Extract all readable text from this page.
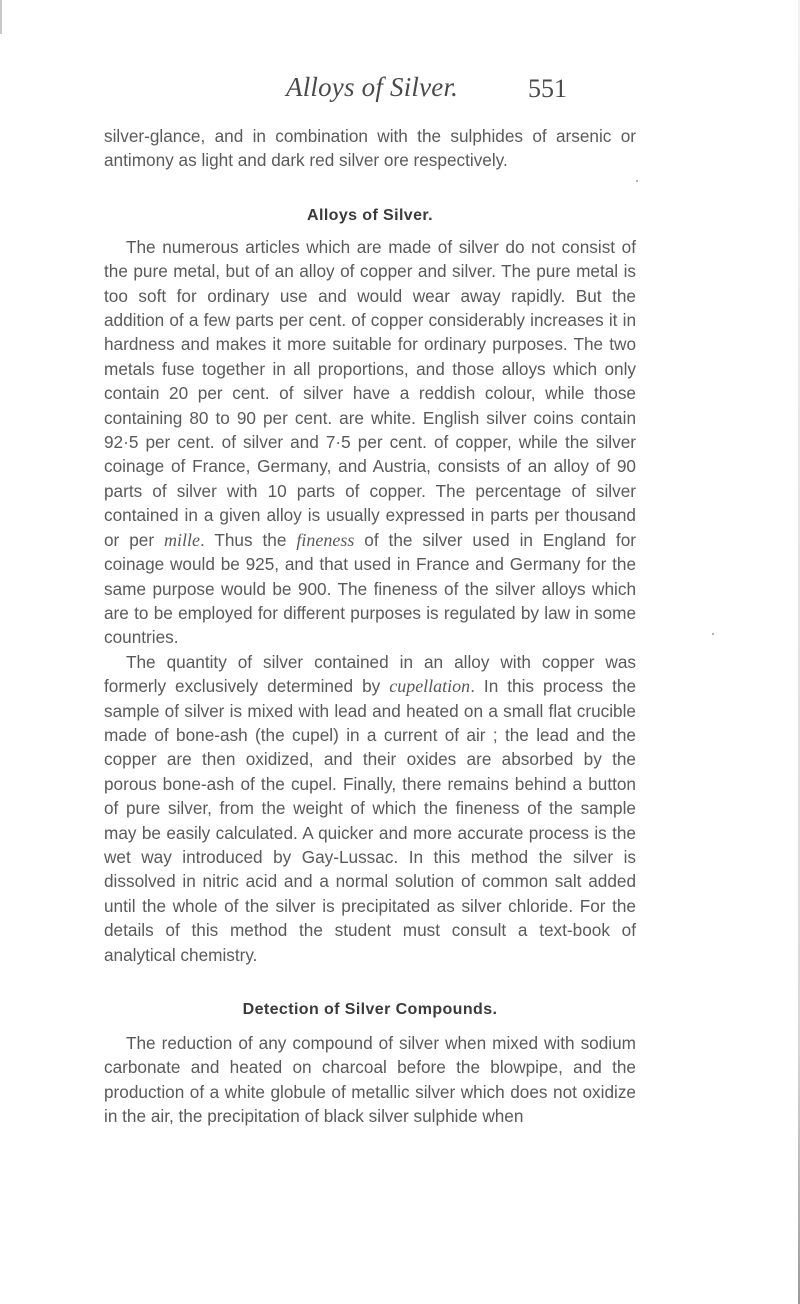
Alloys of Silver.	551

silver-glance, and in combination with the sulphides of arsenic or antimony as light and dark red silver ore respectively.

Alloys of Silver.

The numerous articles which are made of silver do not consist of the pure metal, but of an alloy of copper and silver. The pure metal is too soft for ordinary use and would wear away rapidly. But the addition of a few parts per cent. of copper considerably increases it in hardness and makes it more suitable for ordinary purposes. The two metals fuse together in all proportions, and those alloys which only contain 20 per cent. of silver have a reddish colour, while those containing 80 to 90 per cent. are white. English silver coins contain 92·5 per cent. of silver and 7·5 per cent. of copper, while the silver coinage of France, Germany, and Austria, consists of an alloy of 90 parts of silver with 10 parts of copper. The percentage of silver contained in a given alloy is usually expressed in parts per thousand or per mille. Thus the fineness of the silver used in England for coinage would be 925, and that used in France and Germany for the same purpose would be 900. The fineness of the silver alloys which are to be employed for different purposes is regulated by law in some countries.

The quantity of silver contained in an alloy with copper was formerly exclusively determined by cupellation. In this process the sample of silver is mixed with lead and heated on a small flat crucible made of bone-ash (the cupel) in a current of air ; the lead and the copper are then oxidized, and their oxides are absorbed by the porous bone-ash of the cupel. Finally, there remains behind a button of pure silver, from the weight of which the fineness of the sample may be easily calculated. A quicker and more accurate process is the wet way introduced by Gay-Lussac. In this method the silver is dissolved in nitric acid and a normal solution of common salt added until the whole of the silver is precipitated as silver chloride. For the details of this method the student must consult a text-book of analytical chemistry.

Detection of Silver Compounds.

The reduction of any compound of silver when mixed with sodium carbonate and heated on charcoal before the blowpipe, and the production of a white globule of metallic silver which does not oxidize in the air, the precipitation of black silver sulphide when
